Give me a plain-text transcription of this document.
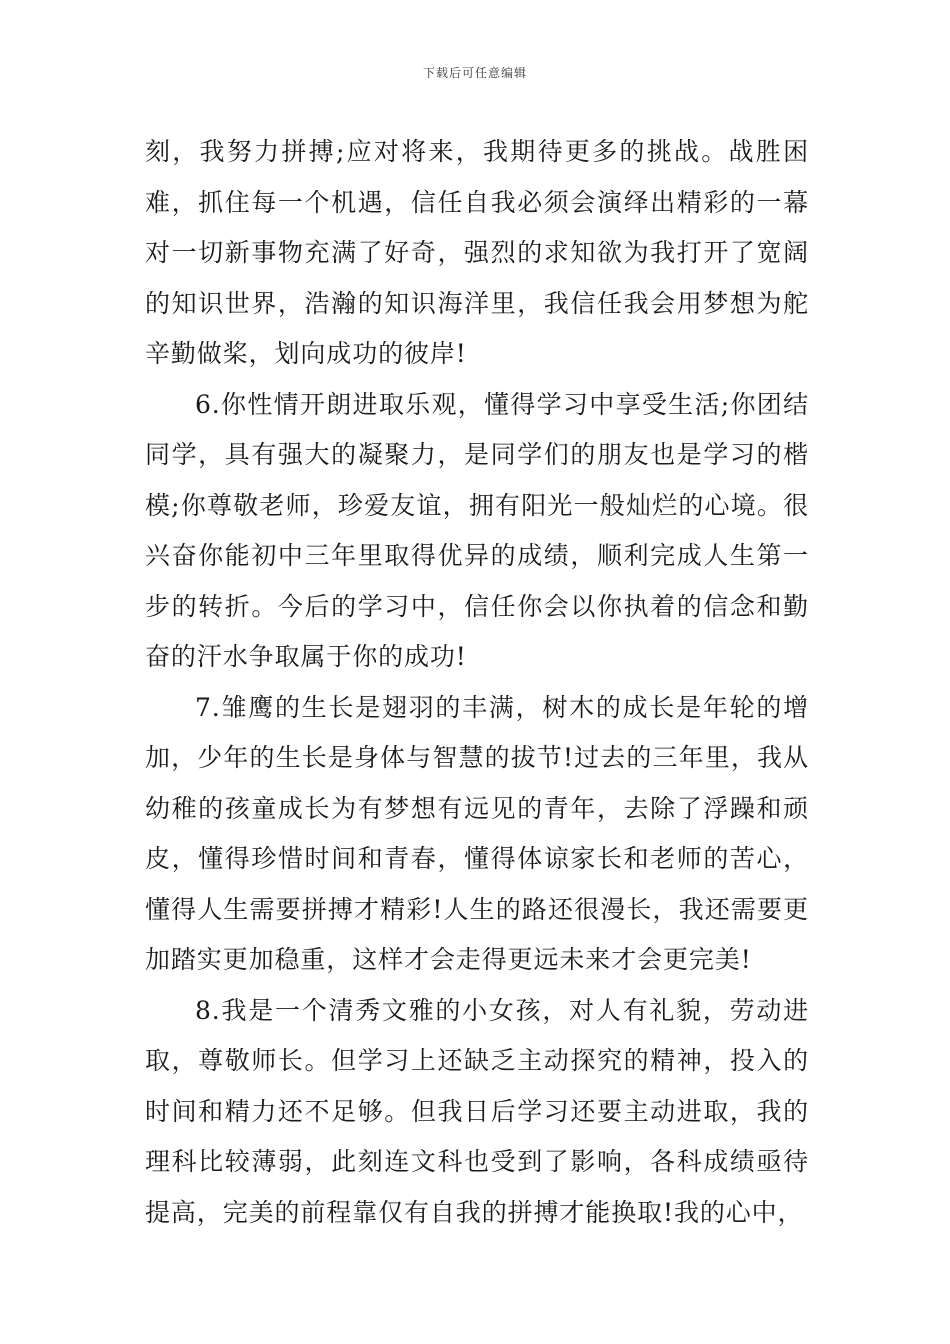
下载后可任意编辑

刻，我努力拼搏;应对将来，我期待更多的挑战。战胜困难，抓住每一个机遇，信任自我必须会演绎出精彩的一幕对一切新事物充满了好奇，强烈的求知欲为我打开了宽阔的知识世界，浩瀚的知识海洋里，我信任我会用梦想为舵辛勤做桨，划向成功的彼岸!

6.你性情开朗进取乐观，懂得学习中享受生活;你团结同学，具有强大的凝聚力，是同学们的朋友也是学习的楷模;你尊敬老师，珍爱友谊，拥有阳光一般灿烂的心境。很兴奋你能初中三年里取得优异的成绩，顺利完成人生第一步的转折。今后的学习中，信任你会以你执着的信念和勤奋的汗水争取属于你的成功!

7.雏鹰的生长是翅羽的丰满，树木的成长是年轮的增加，少年的生长是身体与智慧的拔节!过去的三年里，我从幼稚的孩童成长为有梦想有远见的青年，去除了浮躁和顽皮，懂得珍惜时间和青春，懂得体谅家长和老师的苦心，懂得人生需要拼搏才精彩!人生的路还很漫长，我还需要更加踏实更加稳重，这样才会走得更远未来才会更完美!

8.我是一个清秀文雅的小女孩，对人有礼貌，劳动进取，尊敬师长。但学习上还缺乏主动探究的精神，投入的时间和精力还不足够。但我日后学习还要主动进取，我的理科比较薄弱，此刻连文科也受到了影响，各科成绩亟待提高，完美的前程靠仅有自我的拼搏才能换取!我的心中，
